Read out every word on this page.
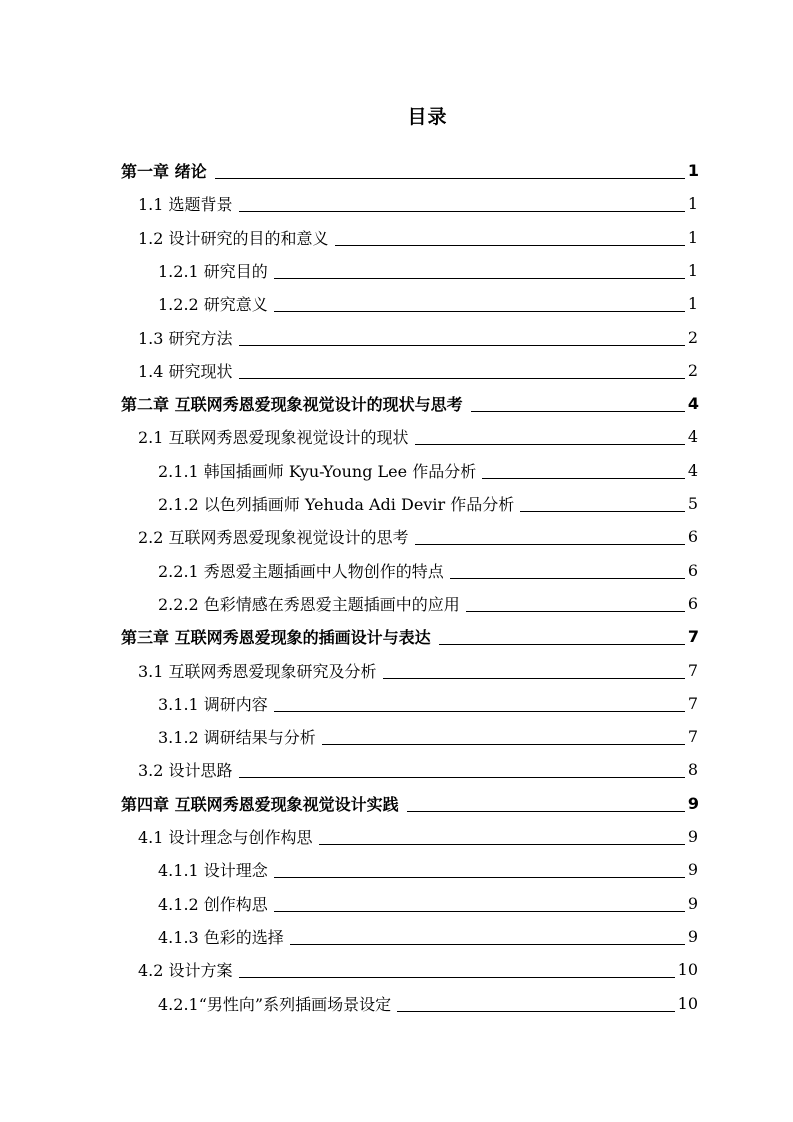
目录
第一章 绪论	1
1.1 选题背景	1
1.2 设计研究的目的和意义	1
1.2.1 研究目的	1
1.2.2 研究意义	1
1.3 研究方法	2
1.4 研究现状	2
第二章 互联网秀恩爱现象视觉设计的现状与思考	4
2.1 互联网秀恩爱现象视觉设计的现状	4
2.1.1 韩国插画师 Kyu-Young Lee 作品分析	4
2.1.2 以色列插画师 Yehuda Adi Devir 作品分析	5
2.2 互联网秀恩爱现象视觉设计的思考	6
2.2.1 秀恩爱主题插画中人物创作的特点	6
2.2.2 色彩情感在秀恩爱主题插画中的应用	6
第三章 互联网秀恩爱现象的插画设计与表达	7
3.1 互联网秀恩爱现象研究及分析	7
3.1.1 调研内容	7
3.1.2 调研结果与分析	7
3.2 设计思路	8
第四章 互联网秀恩爱现象视觉设计实践	9
4.1 设计理念与创作构思	9
4.1.1 设计理念	9
4.1.2 创作构思	9
4.1.3 色彩的选择	9
4.2 设计方案	10
4.2.1“男性向”系列插画场景设定	10
